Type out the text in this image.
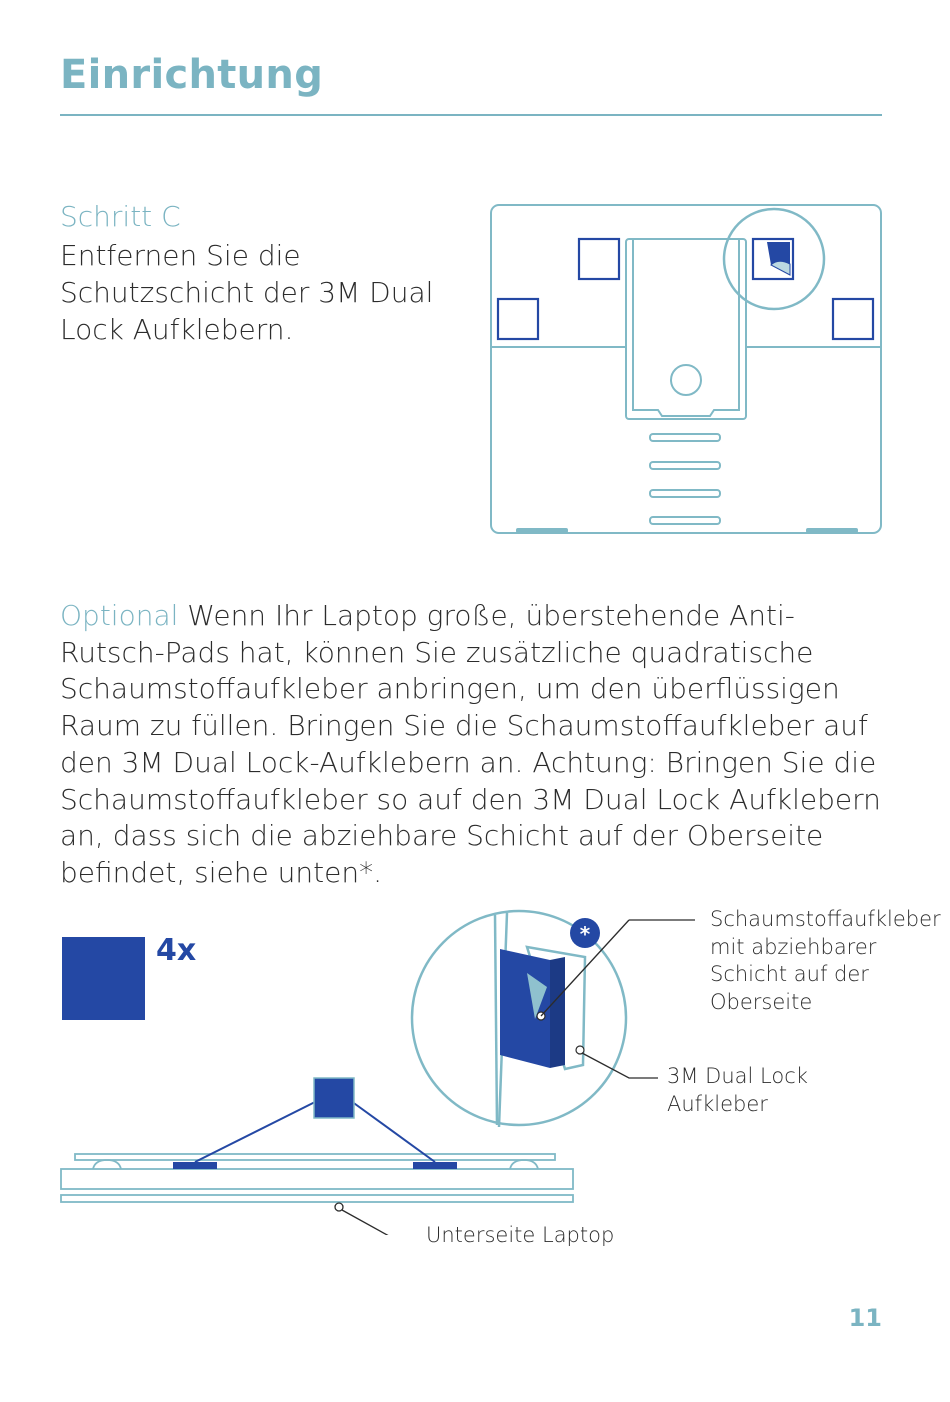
Einrichtung
Schritt C
Entfernen Sie die Schutzschicht der 3M Dual Lock Aufklebern.
Optional Wenn Ihr Laptop große, überstehende Anti-Rutsch-Pads hat, können Sie zusätzliche quadratische Schaumstoffaufkleber anbringen, um den überflüssigen Raum zu füllen. Bringen Sie die Schaumstoffaufkleber auf den 3M Dual Lock-Aufklebern an. Achtung: Bringen Sie die Schaumstoffaufkleber so auf den 3M Dual Lock Aufklebern an, dass sich die abziehbare Schicht auf der Oberseite befindet, siehe unten*.
*
4x
Schaumstoffaufkleber mit abziehbarer Schicht auf der Oberseite
3M Dual Lock Aufkleber
Unterseite Laptop
11
